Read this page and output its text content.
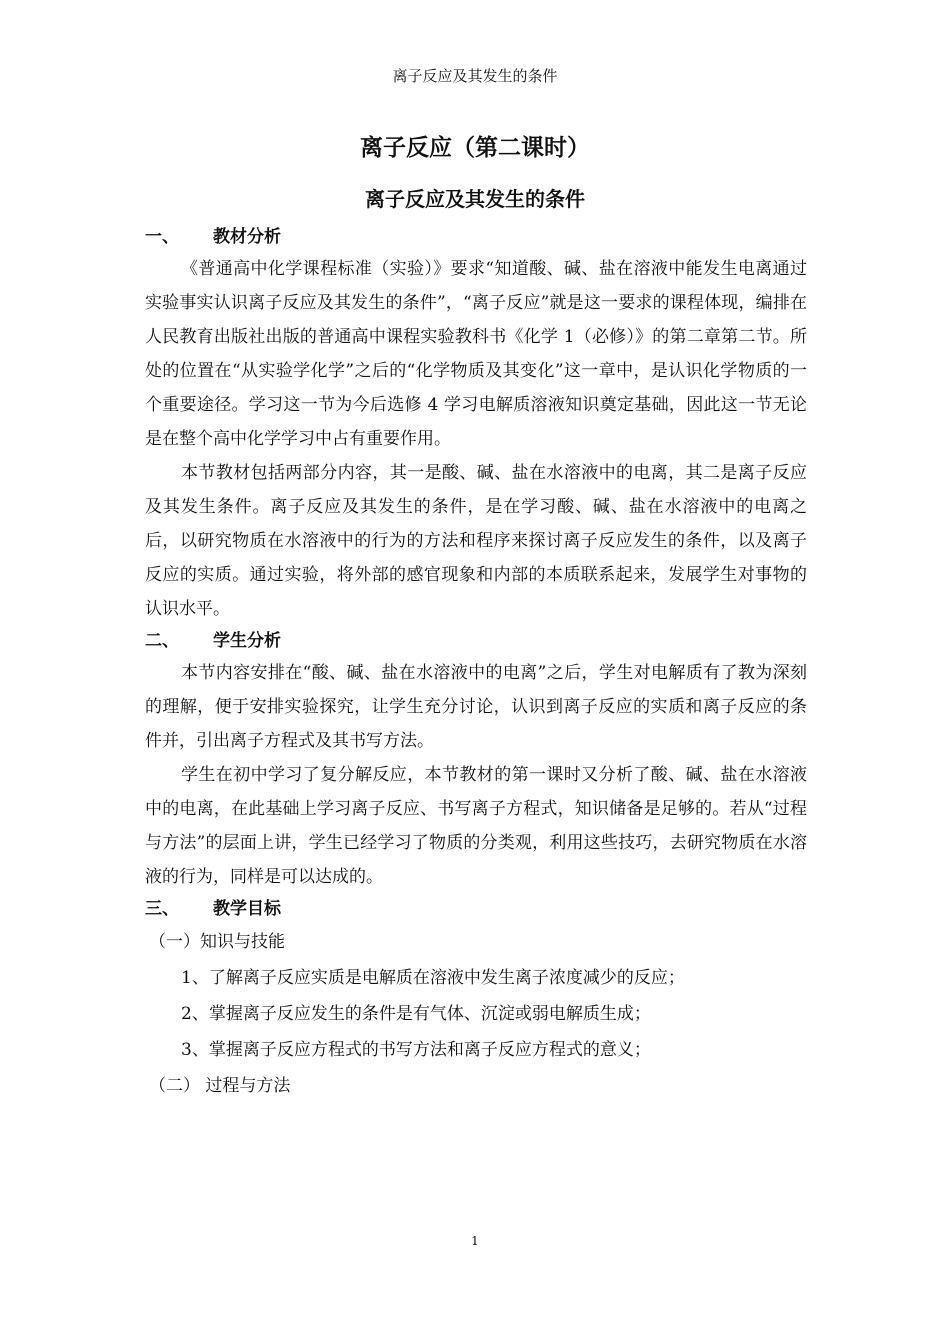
离子反应及其发生的条件
离子反应（第二课时）
离子反应及其发生的条件
一、 教材分析

《普通高中化学课程标准（实验）》要求“知道酸、碱、盐在溶液中能发生电离通过实验事实认识离子反应及其发生的条件”，“离子反应”就是这一要求的课程体现，编排在人民教育出版社出版的普通高中课程实验教科书《化学 1（必修）》的第二章第二节。所处的位置在“从实验学化学”之后的“化学物质及其变化”这一章中，是认识化学物质的一个重要途径。学习这一节为今后选修 4 学习电解质溶液知识奠定基础，因此这一节无论是在整个高中化学学习中占有重要作用。

本节教材包括两部分内容，其一是酸、碱、盐在水溶液中的电离，其二是离子反应及其发生条件。离子反应及其发生的条件，是在学习酸、碱、盐在水溶液中的电离之后，以研究物质在水溶液中的行为的方法和程序来探讨离子反应发生的条件，以及离子反应的实质。通过实验，将外部的感官现象和内部的本质联系起来，发展学生对事物的认识水平。

二、 学生分析

本节内容安排在“酸、碱、盐在水溶液中的电离”之后，学生对电解质有了教为深刻的理解，便于安排实验探究，让学生充分讨论，认识到离子反应的实质和离子反应的条件并，引出离子方程式及其书写方法。

学生在初中学习了复分解反应，本节教材的第一课时又分析了酸、碱、盐在水溶液中的电离，在此基础上学习离子反应、书写离子方程式，知识储备是足够的。若从“过程与方法”的层面上讲，学生已经学习了物质的分类观，利用这些技巧，去研究物质在水溶液的行为，同样是可以达成的。

三、 教学目标
（一）知识与技能
1、了解离子反应实质是电解质在溶液中发生离子浓度减少的反应；
2、掌握离子反应发生的条件是有气体、沉淀或弱电解质生成；
3、掌握离子反应方程式的书写方法和离子反应方程式的意义；
（二） 过程与方法
1
